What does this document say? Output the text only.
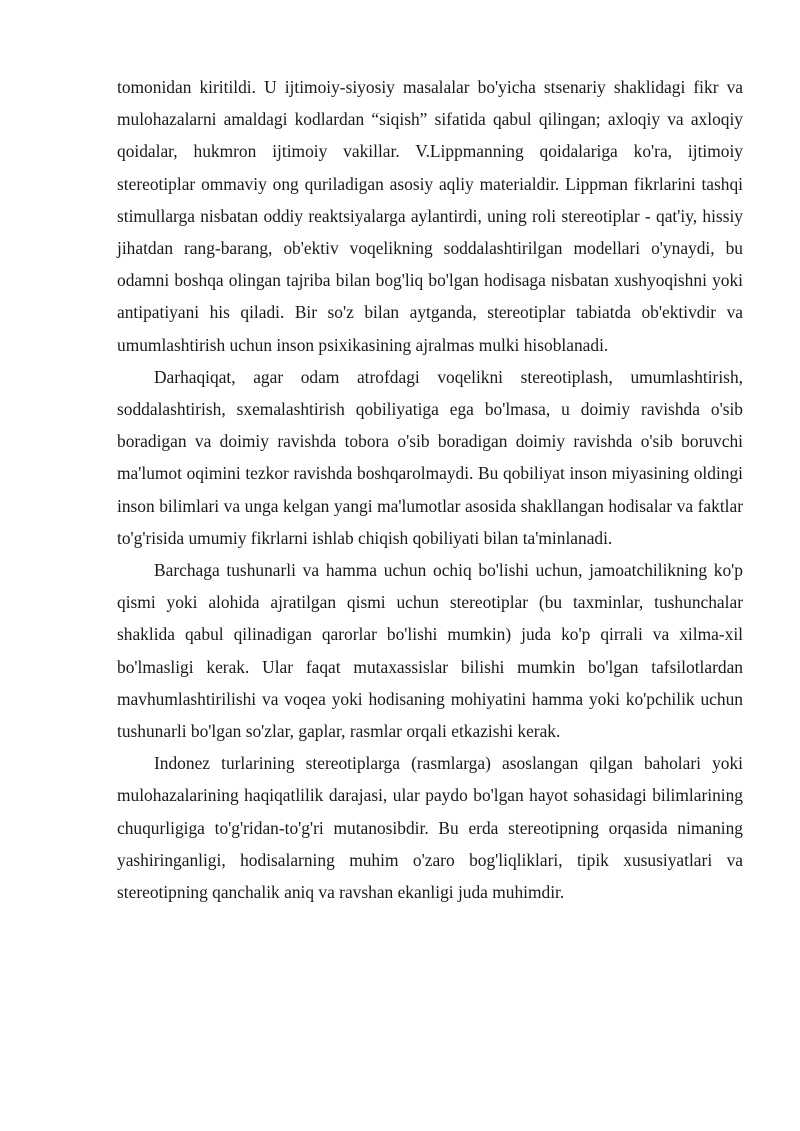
tomonidan kiritildi. U ijtimoiy-siyosiy masalalar bo'yicha stsenariy shaklidagi fikr va mulohazalarni amaldagi kodlardan “siqish” sifatida qabul qilingan; axloqiy va axloqiy qoidalar, hukmron ijtimoiy vakillar. V.Lippmanning qoidalariga ko'ra, ijtimoiy stereotiplar ommaviy ong quriladigan asosiy aqliy materialdir. Lippman fikrlarini tashqi stimullarga nisbatan oddiy reaktsiyalarga aylantirdi, uning roli stereotiplar - qat'iy, hissiy jihatdan rang-barang, ob'ektiv voqelikning soddalashtirilgan modellari o'ynaydi, bu odamni boshqa olingan tajriba bilan bog'liq bo'lgan hodisaga nisbatan xushyoqishni yoki antipatiyani his qiladi. Bir so'z bilan aytganda, stereotiplar tabiatda ob'ektivdir va umumlashtirish uchun inson psixikasining ajralmas mulki hisoblanadi.

Darhaqiqat, agar odam atrofdagi voqelikni stereotiplash, umumlashtirish, soddalashtirish, sxemalashtirish qobiliyatiga ega bo'lmasa, u doimiy ravishda o'sib boradigan va doimiy ravishda tobora o'sib boradigan doimiy ravishda o'sib boruvchi ma'lumot oqimini tezkor ravishda boshqarolmaydi. Bu qobiliyat inson miyasining oldingi inson bilimlari va unga kelgan yangi ma'lumotlar asosida shakllangan hodisalar va faktlar to'g'risida umumiy fikrlarni ishlab chiqish qobiliyati bilan ta'minlanadi.

Barchaga tushunarli va hamma uchun ochiq bo'lishi uchun, jamoatchilikning ko'p qismi yoki alohida ajratilgan qismi uchun stereotiplar (bu taxminlar, tushunchalar shaklida qabul qilinadigan qarorlar bo'lishi mumkin) juda ko'p qirrali va xilma-xil bo'lmasligi kerak. Ular faqat mutaxassislar bilishi mumkin bo'lgan tafsilotlardan mavhumlashtirilishi va voqea yoki hodisaning mohiyatini hamma yoki ko'pchilik uchun tushunarli bo'lgan so'zlar, gaplar, rasmlar orqali etkazishi kerak.

Indonez turlarining stereotiplarga (rasmlarga) asoslangan qilgan baholari yoki mulohazalarining haqiqatlilik darajasi, ular paydo bo'lgan hayot sohasidagi bilimlarining chuqurligiga to'g'ridan-to'g'ri mutanosibdir. Bu erda stereotipning orqasida nimaning yashiringanligi, hodisalarning muhim o'zaro bog'liqliklari, tipik xususiyatlari va stereotipning qanchalik aniq va ravshan ekanligi juda muhimdir.
